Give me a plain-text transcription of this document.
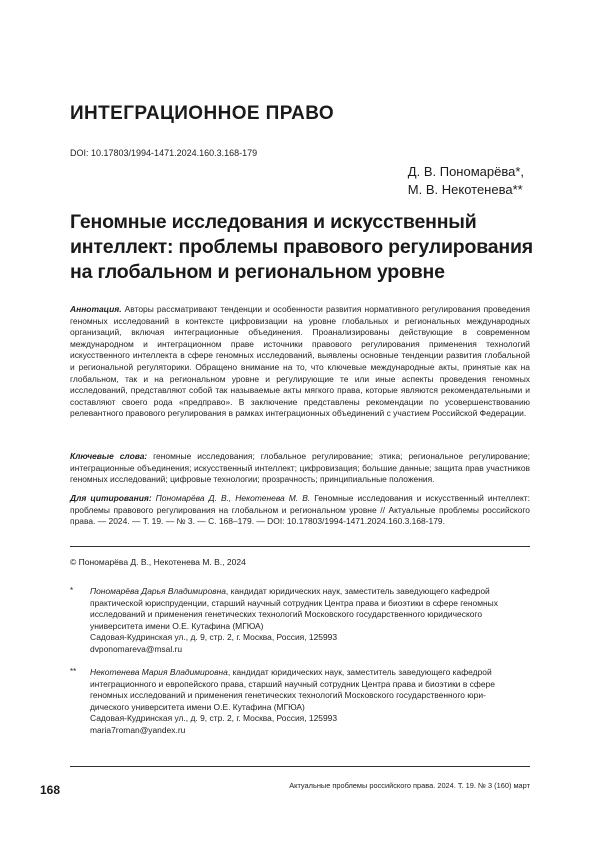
ИНТЕГРАЦИОННОЕ ПРАВО
DOI: 10.17803/1994-1471.2024.160.3.168-179
Д. В. Пономарёва*,
М. В. Некотенева**
Геномные исследования и искусственный
интеллект: проблемы правового регулирования
на глобальном и региональном уровне
Аннотация. Авторы рассматривают тенденции и особенности развития нормативного регулирования проведения геномных исследований в контексте цифровизации на уровне глобальных и региональных международных организаций, включая интеграционные объединения. Проанализированы действующие в современном международном и интеграционном праве источники правового регулирования применения технологий искусственного интеллекта в сфере геномных исследований, выявлены основные тенденции развития глобальной и региональной регуляторики. Обращено внимание на то, что ключевые международные акты, принятые как на глобальном, так и на региональном уровне и регулирующие те или иные аспекты проведения геномных исследований, представляют собой так называемые акты мягкого права, которые являются рекомендательными и составляют своего рода «предправо». В заключение представлены рекомендации по усовершенствованию релевантного правового регулирования в рамках интеграционных объединений с участием Российской Федерации.
Ключевые слова: геномные исследования; глобальное регулирование; этика; региональное регулирование; интеграционные объединения; искусственный интеллект; цифровизация; большие данные; защита прав участников геномных исследований; цифровые технологии; прозрачность; принципиальные положения.
Для цитирования: Пономарёва Д. В., Некотенева М. В. Геномные исследования и искусственный интеллект: проблемы правового регулирования на глобальном и региональном уровне // Актуальные проблемы российского права. — 2024. — Т. 19. — № 3. — С. 168–179. — DOI: 10.17803/1994-1471.2024.160.3.168-179.
© Пономарёва Д. В., Некотенева М. В., 2024
* Пономарёва Дарья Владимировна, кандидат юридических наук, заместитель заведующего кафедрой
практической юриспруденции, старший научный сотрудник Центра права и биоэтики в сфере геномных
исследований и применения генетических технологий Московского государственного юридического
университета имени О.Е. Кутафина (МГЮА)
Садовая-Кудринская ул., д. 9, стр. 2, г. Москва, Россия, 125993
dvponomareva@msal.ru
** Некотенева Мария Владимировна, кандидат юридических наук, заместитель заведующего кафедрой
интеграционного и европейского права, старший научный сотрудник Центра права и биоэтики в сфере
геномных исследований и применения генетических технологий Московского государственного юри-
дического университета имени О.Е. Кутафина (МГЮА)
Садовая-Кудринская ул., д. 9, стр. 2, г. Москва, Россия, 125993
maria7roman@yandex.ru
168	Актуальные проблемы российского права. 2024. Т. 19. № 3 (160) март
